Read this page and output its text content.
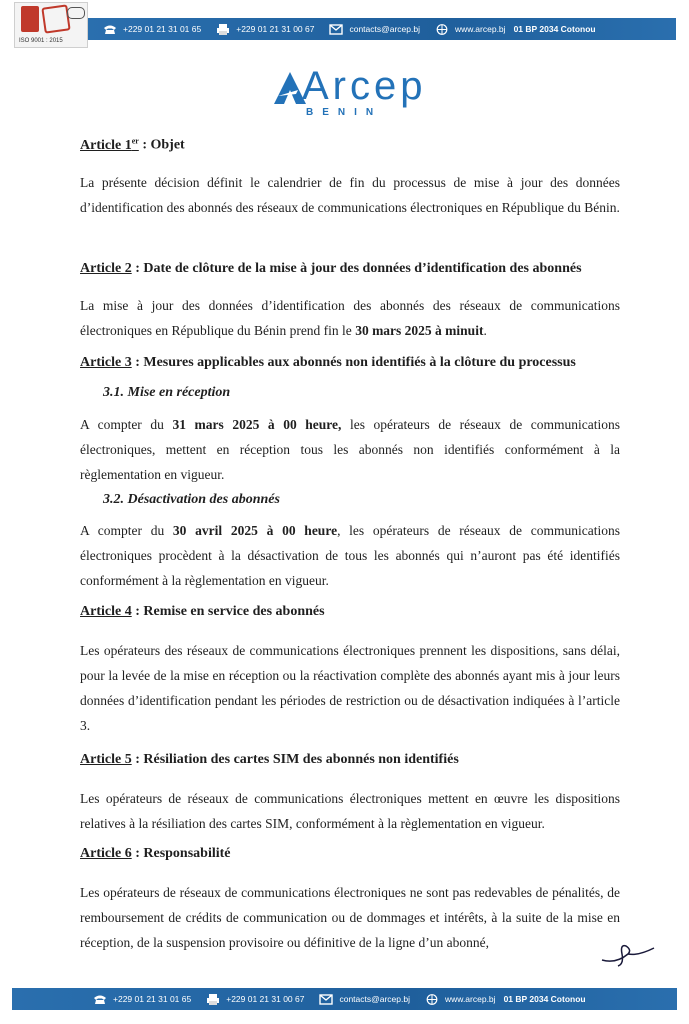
ISO 9001 : 2015
+229 01 21 31 01 65	+229 01 21 31 00 67	contacts@arcep.bj	www.arcep.bj 01 BP 2034 Cotonou
Arcep
BENIN
Article 1er : Objet
La présente décision définit le calendrier de fin du processus de mise à jour des données d’identification des abonnés des réseaux de communications électroniques en République du Bénin.
Article 2 : Date de clôture de la mise à jour des données d’identification des abonnés
La mise à jour des données d’identification des abonnés des réseaux de communications électroniques en République du Bénin prend fin le 30 mars 2025 à minuit.
Article 3 : Mesures applicables aux abonnés non identifiés à la clôture du processus
3.1. Mise en réception
A compter du 31 mars 2025 à 00 heure, les opérateurs de réseaux de communications électroniques, mettent en réception tous les abonnés non identifiés conformément à la règlementation en vigueur.
3.2. Désactivation des abonnés
A compter du 30 avril 2025 à 00 heure, les opérateurs de réseaux de communications électroniques procèdent à la désactivation de tous les abonnés qui n’auront pas été identifiés conformément à la règlementation en vigueur.
Article 4 : Remise en service des abonnés
Les opérateurs des réseaux de communications électroniques prennent les dispositions, sans délai, pour la levée de la mise en réception ou la réactivation complète des abonnés ayant mis à jour leurs données d’identification pendant les périodes de restriction ou de désactivation indiquées à l’article 3.
Article 5 : Résiliation des cartes SIM des abonnés non identifiés
Les opérateurs de réseaux de communications électroniques mettent en œuvre les dispositions relatives à la résiliation des cartes SIM, conformément à la règlementation en vigueur.
Article 6 : Responsabilité
Les opérateurs de réseaux de communications électroniques ne sont pas redevables de pénalités, de remboursement de crédits de communication ou de dommages et intérêts, à la suite de la mise en réception, de la suspension provisoire ou définitive de la ligne d’un abonné,
+229 01 21 31 01 65	+229 01 21 31 00 67	contacts@arcep.bj	www.arcep.bj 01 BP 2034 Cotonou
